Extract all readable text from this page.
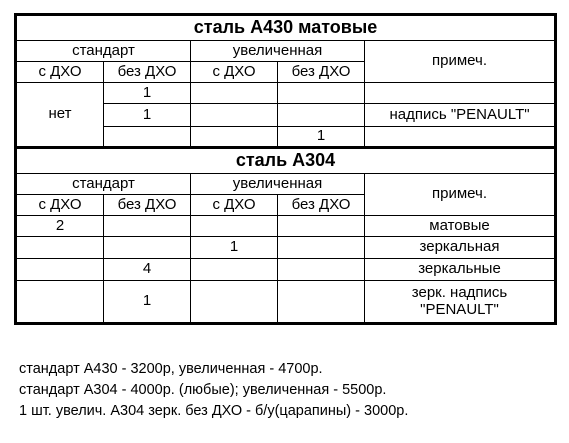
сталь А430 матовые				
стандарт		увеличенная		примеч.
с ДХО	без ДХО	с ДХО	без ДХО	
нет	1			
	1			надпись "PENAULT"
			1	
сталь А304				
стандарт		увеличенная		примеч.
с ДХО	без ДХО	с ДХО	без ДХО	
2				матовые
		1		зеркальная
	4			зеркальные
	1			зерк. надпись
"PENAULT"
стандарт А430 - 3200р, увеличенная - 4700р.
стандарт А304 - 4000р. (любые); увеличенная - 5500р.
1 шт. увелич. А304 зерк. без ДХО - б/у(царапины) - 3000р.
